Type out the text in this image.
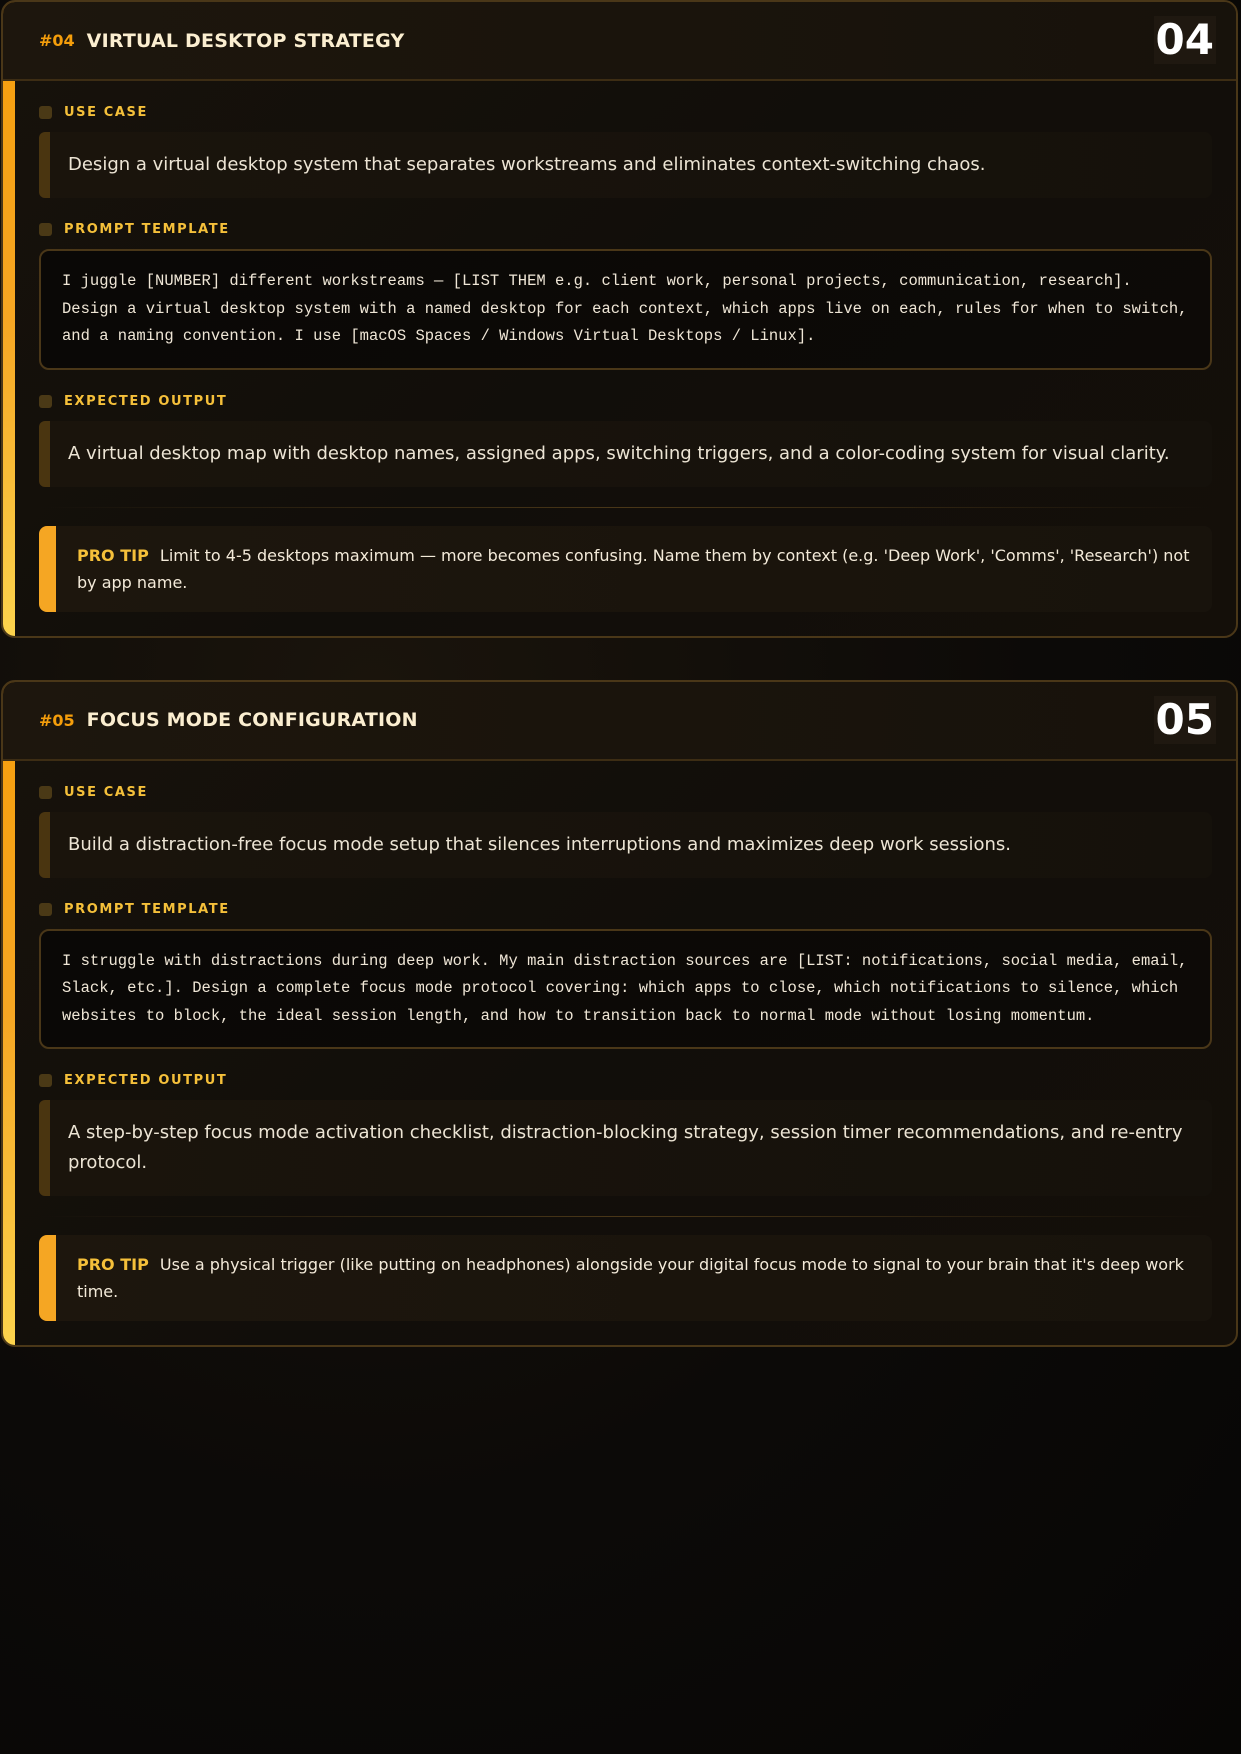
#04 VIRTUAL DESKTOP STRATEGY	04
USE CASE
Design a virtual desktop system that separates workstreams and eliminates context-switching chaos.
PROMPT TEMPLATE
I juggle [NUMBER] different workstreams — [LIST THEM e.g. client work, personal projects, communication, research]. Design a virtual desktop system with a named desktop for each context, which apps live on each, rules for when to switch, and a naming convention. I use [macOS Spaces / Windows Virtual Desktops / Linux].
EXPECTED OUTPUT
A virtual desktop map with desktop names, assigned apps, switching triggers, and a color-coding system for visual clarity.
PRO TIP Limit to 4-5 desktops maximum — more becomes confusing. Name them by context (e.g. 'Deep Work', 'Comms', 'Research') not by app name.
#05 FOCUS MODE CONFIGURATION	05
USE CASE
Build a distraction-free focus mode setup that silences interruptions and maximizes deep work sessions.
PROMPT TEMPLATE
I struggle with distractions during deep work. My main distraction sources are [LIST: notifications, social media, email, Slack, etc.]. Design a complete focus mode protocol covering: which apps to close, which notifications to silence, which websites to block, the ideal session length, and how to transition back to normal mode without losing momentum.
EXPECTED OUTPUT
A step-by-step focus mode activation checklist, distraction-blocking strategy, session timer recommendations, and re-entry protocol.
PRO TIP Use a physical trigger (like putting on headphones) alongside your digital focus mode to signal to your brain that it's deep work time.
